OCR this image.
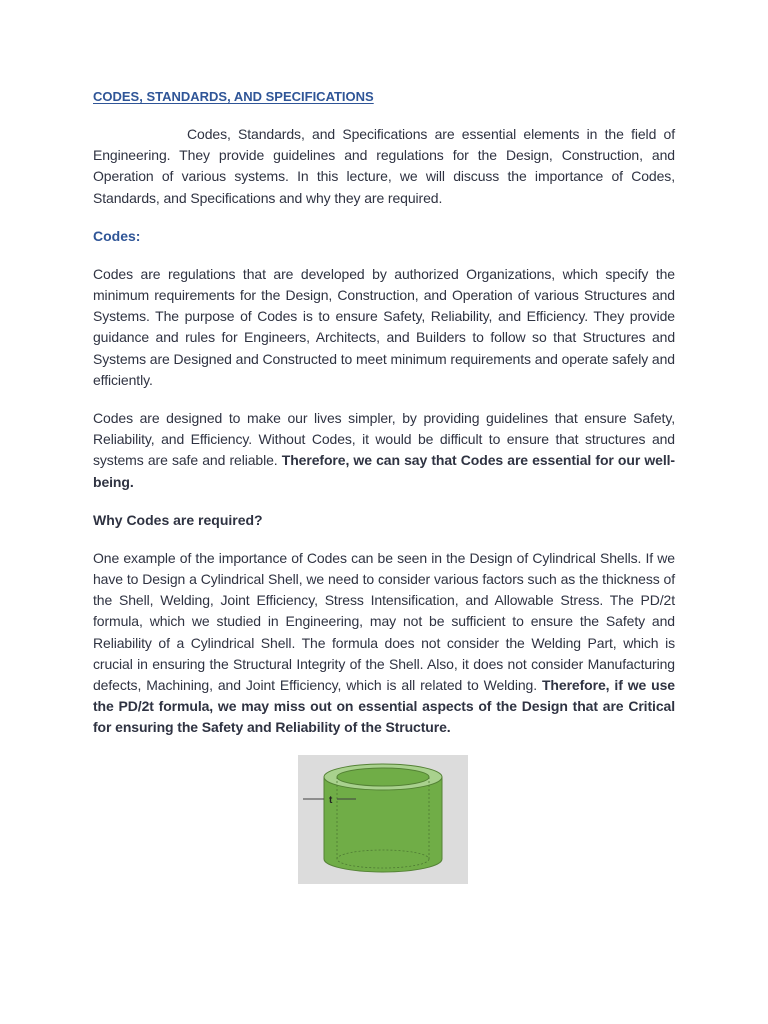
CODES, STANDARDS, AND SPECIFICATIONS

Codes, Standards, and Specifications are essential elements in the field of Engineering. They provide guidelines and regulations for the Design, Construction, and Operation of various systems. In this lecture, we will discuss the importance of Codes, Standards, and Specifications and why they are required.

Codes:

Codes are regulations that are developed by authorized Organizations, which specify the minimum requirements for the Design, Construction, and Operation of various Structures and Systems. The purpose of Codes is to ensure Safety, Reliability, and Efficiency. They provide guidance and rules for Engineers, Architects, and Builders to follow so that Structures and Systems are Designed and Constructed to meet minimum requirements and operate safely and efficiently.

Codes are designed to make our lives simpler, by providing guidelines that ensure Safety, Reliability, and Efficiency. Without Codes, it would be difficult to ensure that structures and systems are safe and reliable. Therefore, we can say that Codes are essential for our well-being.

Why Codes are required?

One example of the importance of Codes can be seen in the Design of Cylindrical Shells. If we have to Design a Cylindrical Shell, we need to consider various factors such as the thickness of the Shell, Welding, Joint Efficiency, Stress Intensification, and Allowable Stress. The PD/2t formula, which we studied in Engineering, may not be sufficient to ensure the Safety and Reliability of a Cylindrical Shell. The formula does not consider the Welding Part, which is crucial in ensuring the Structural Integrity of the Shell. Also, it does not consider Manufacturing defects, Machining, and Joint Efficiency, which is all related to Welding. Therefore, if we use the PD/2t formula, we may miss out on essential aspects of the Design that are Critical for ensuring the Safety and Reliability of the Structure.

t
